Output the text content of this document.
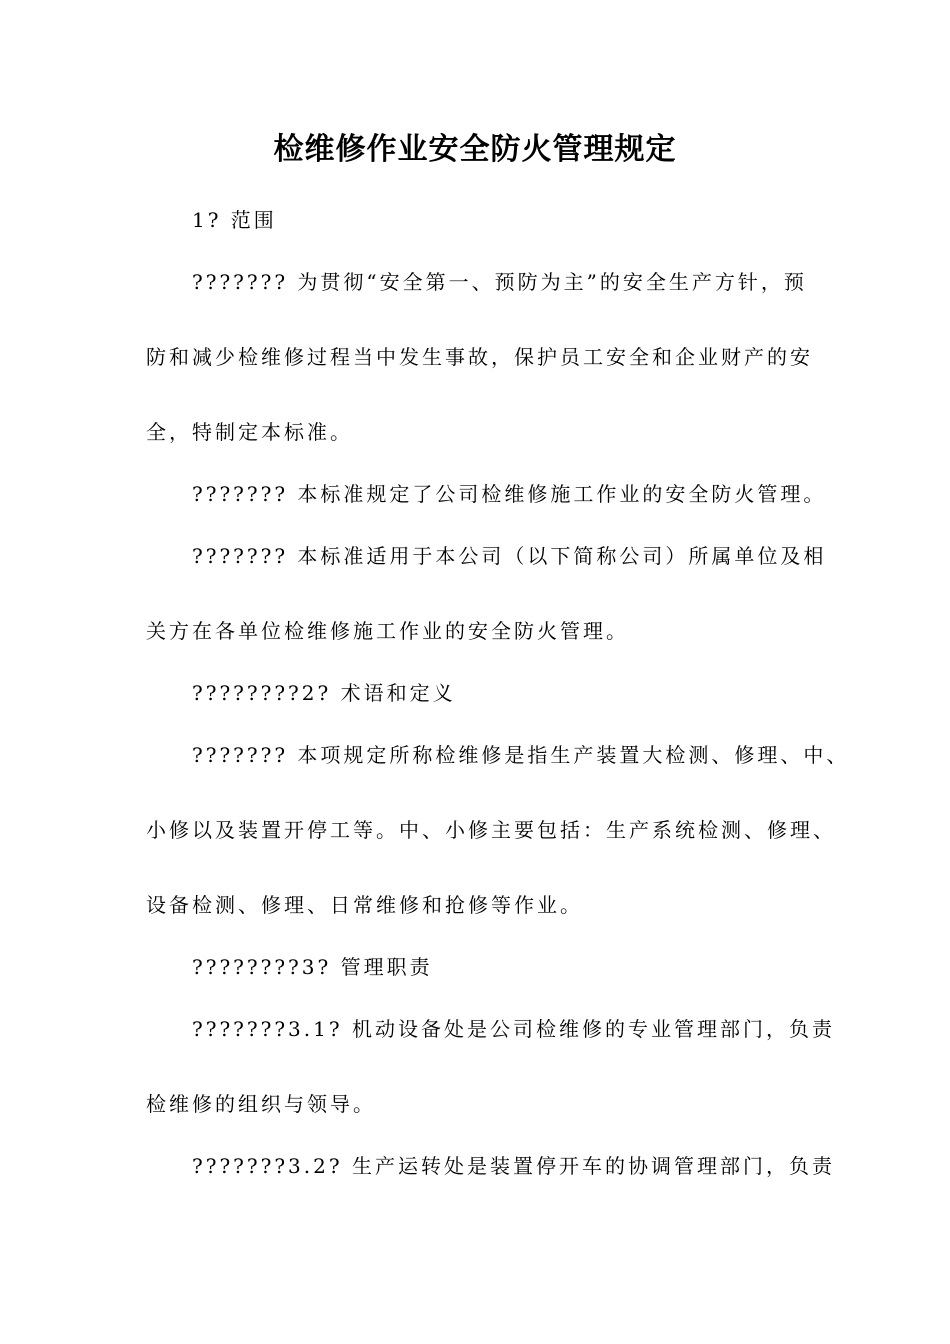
检维修作业安全防火管理规定
1? 范围
??????? 为贯彻“安全第一、预防为主”的安全生产方针，预
防和减少检维修过程当中发生事故，保护员工安全和企业财产的安
全，特制定本标准。
??????? 本标准规定了公司检维修施工作业的安全防火管理。
??????? 本标准适用于本公司（以下简称公司）所属单位及相
关方在各单位检维修施工作业的安全防火管理。
????????2? 术语和定义
??????? 本项规定所称检维修是指生产装置大检测、修理、中、
小修以及装置开停工等。中、小修主要包括：生产系统检测、修理、
设备检测、修理、日常维修和抢修等作业。
????????3? 管理职责
???????3.1? 机动设备处是公司检维修的专业管理部门，负责
检维修的组织与领导。
???????3.2? 生产运转处是装置停开车的协调管理部门，负责
